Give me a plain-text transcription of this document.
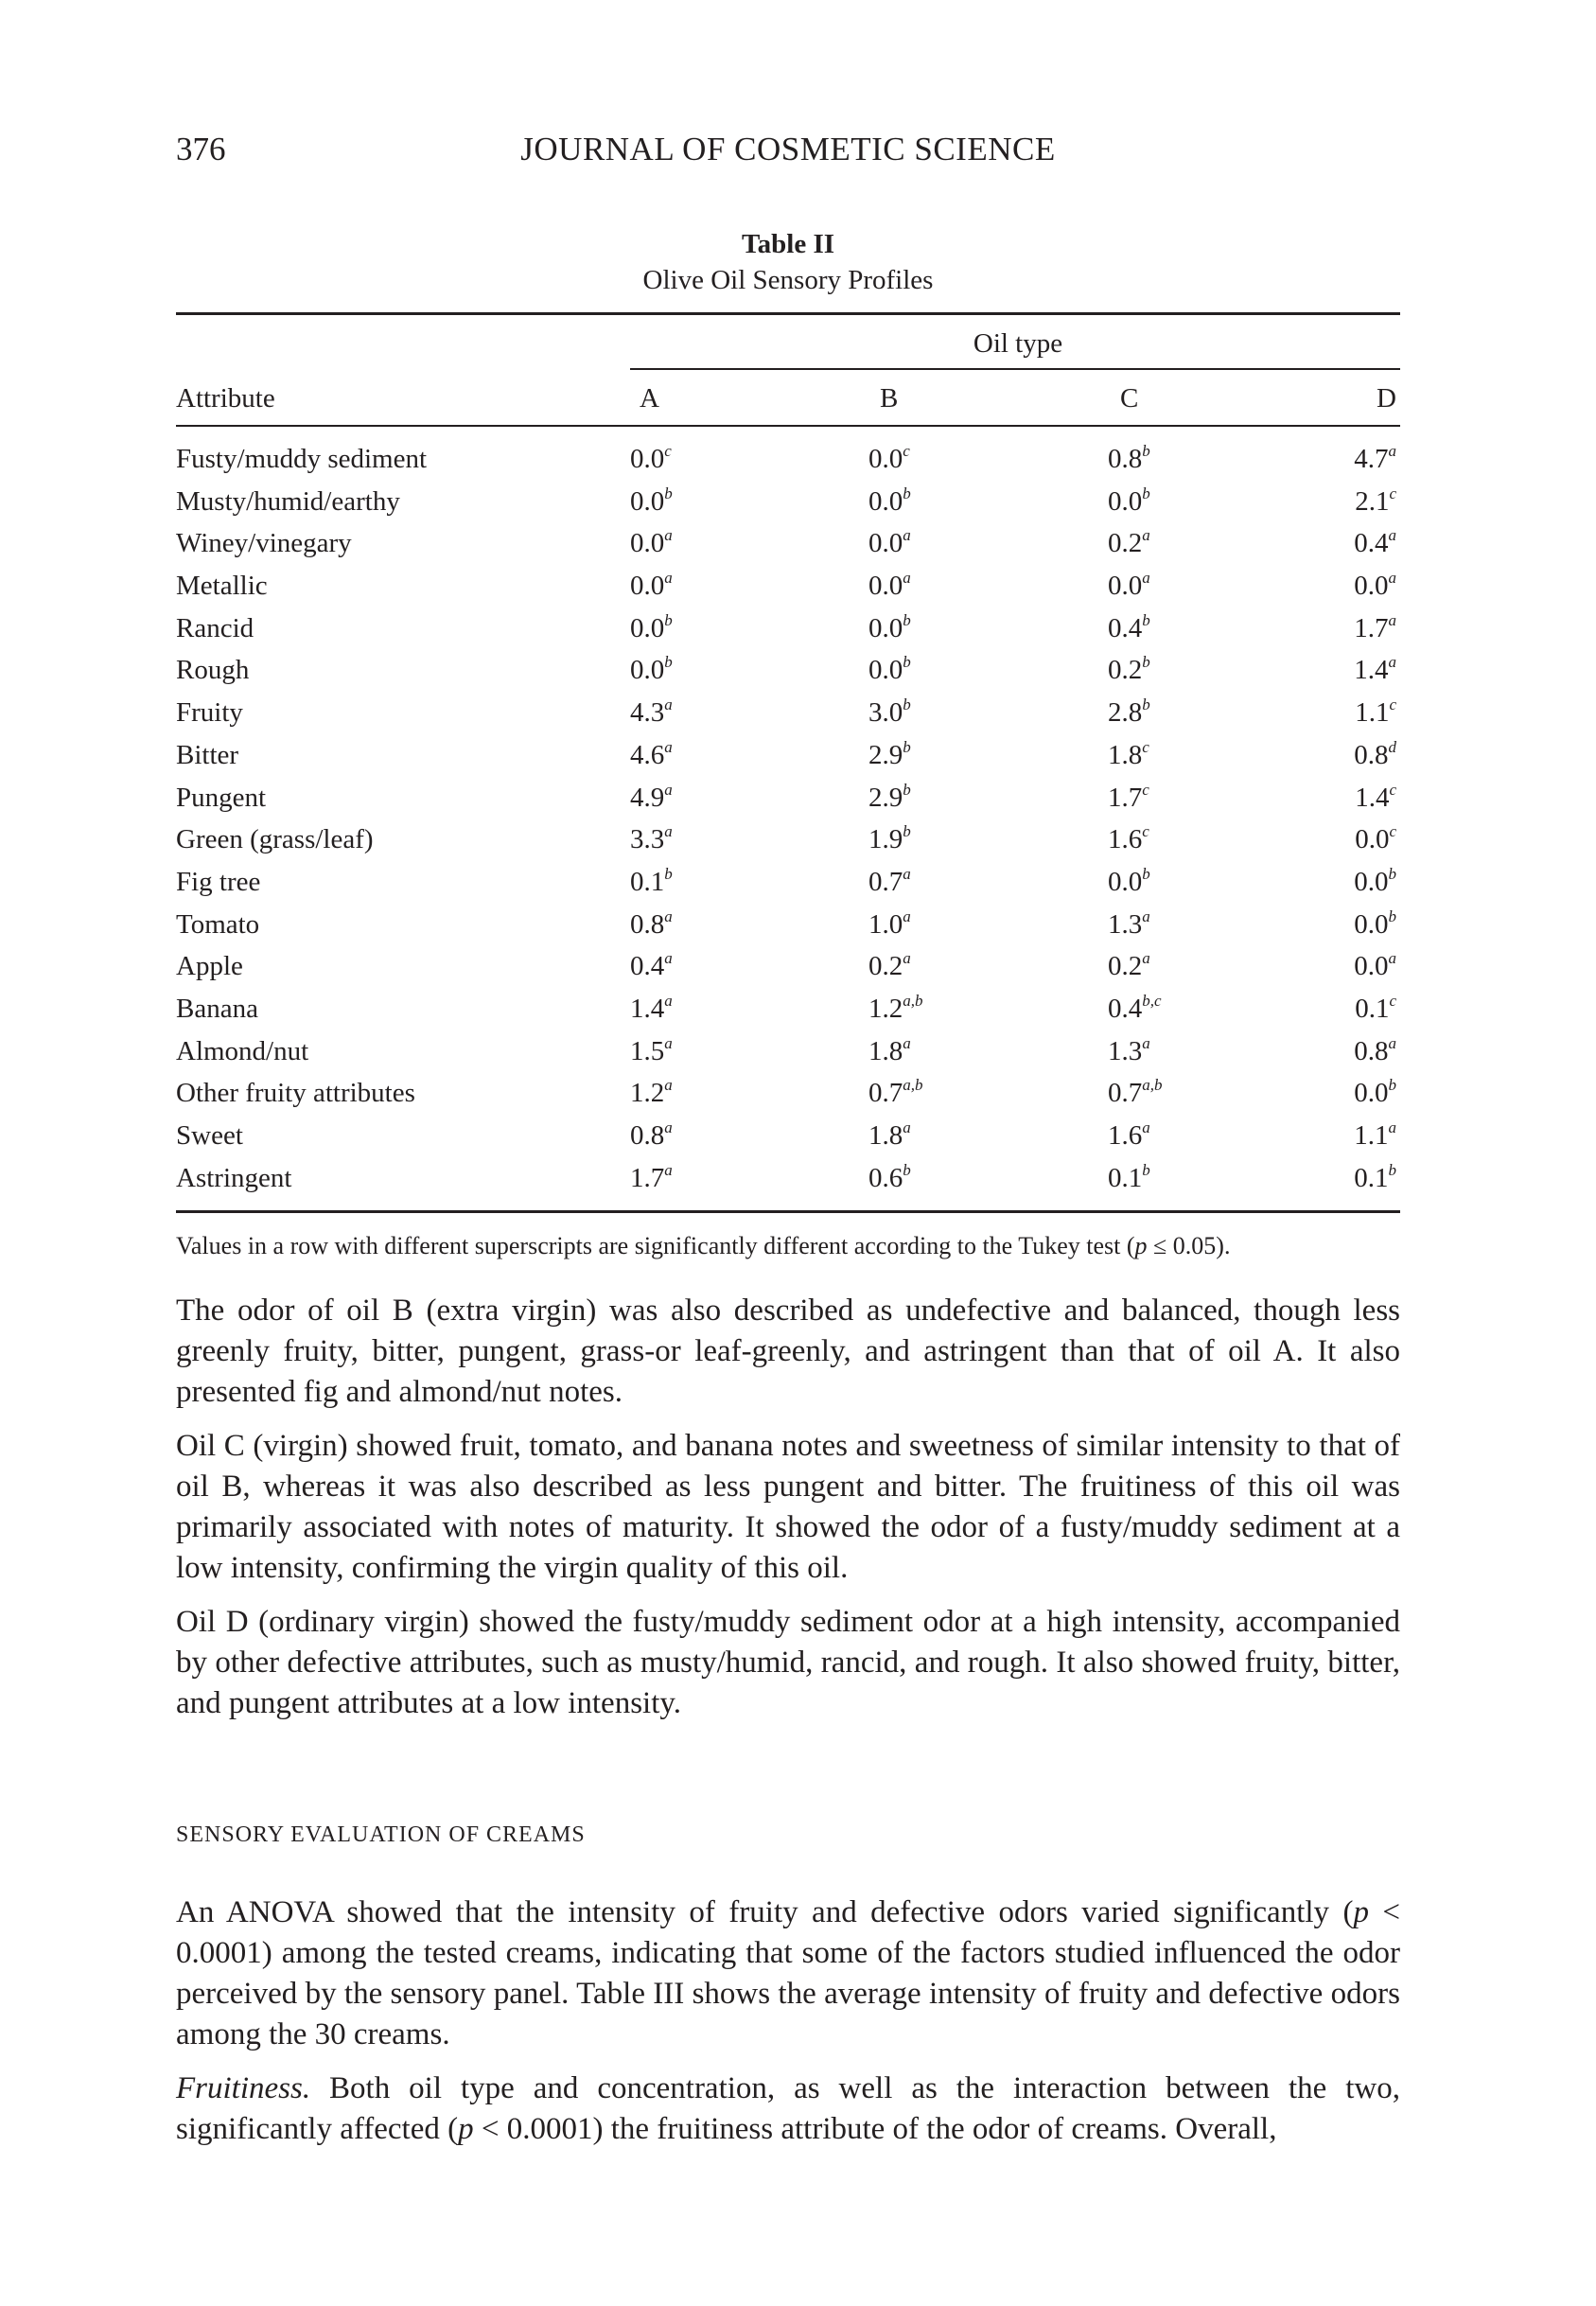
376	JOURNAL OF COSMETIC SCIENCE
Table II
Olive Oil Sensory Profiles
Oil type
Attribute	A	B	C	D
Fusty/muddy sediment	0.0$^c$	0.0$^c$	0.8$^b$	4.7$^a$
Musty/humid/earthy	0.0$^b$	0.0$^b$	0.0$^b$	2.1$^c$
Winey/vinegary	0.0$^a$	0.0$^a$	0.2$^a$	0.4$^a$
Metallic	0.0$^a$	0.0$^a$	0.0$^a$	0.0$^a$
Rancid	0.0$^b$	0.0$^b$	0.4$^b$	1.7$^a$
Rough	0.0$^b$	0.0$^b$	0.2$^b$	1.4$^a$
Fruity	4.3$^a$	3.0$^b$	2.8$^b$	1.1$^c$
Bitter	4.6$^a$	2.9$^b$	1.8$^c$	0.8$^d$
Pungent	4.9$^a$	2.9$^b$	1.7$^c$	1.4$^c$
Green (grass/leaf)	3.3$^a$	1.9$^b$	1.6$^c$	0.0$^c$
Fig tree	0.1$^b$	0.7$^a$	0.0$^b$	0.0$^b$
Tomato	0.8$^a$	1.0$^a$	1.3$^a$	0.0$^b$
Apple	0.4$^a$	0.2$^a$	0.2$^a$	0.0$^a$
Banana	1.4$^a$	1.2$^{a,b}$	0.4$^{b,c}$	0.1$^c$
Almond/nut	1.5$^a$	1.8$^a$	1.3$^a$	0.8$^a$
Other fruity attributes	1.2$^a$	0.7$^{a,b}$	0.7$^{a,b}$	0.0$^b$
Sweet	0.8$^a$	1.8$^a$	1.6$^a$	1.1$^a$
Astringent	1.7$^a$	0.6$^b$	0.1$^b$	0.1$^b$
Values in a row with different superscripts are significantly different according to the Tukey test (p ≤ 0.05).

The odor of oil B (extra virgin) was also described as undefective and balanced, though less greenly fruity, bitter, pungent, grass-or leaf-greenly, and astringent than that of oil A. It also presented fig and almond/nut notes.

Oil C (virgin) showed fruit, tomato, and banana notes and sweetness of similar intensity to that of oil B, whereas it was also described as less pungent and bitter. The fruitiness of this oil was primarily associated with notes of maturity. It showed the odor of a fusty/muddy sediment at a low intensity, confirming the virgin quality of this oil.

Oil D (ordinary virgin) showed the fusty/muddy sediment odor at a high intensity, accompanied by other defective attributes, such as musty/humid, rancid, and rough. It also showed fruity, bitter, and pungent attributes at a low intensity.

SENSORY EVALUATION OF CREAMS

An ANOVA showed that the intensity of fruity and defective odors varied significantly (p < 0.0001) among the tested creams, indicating that some of the factors studied influenced the odor perceived by the sensory panel. Table III shows the average intensity of fruity and defective odors among the 30 creams.

Fruitiness. Both oil type and concentration, as well as the interaction between the two, significantly affected (p < 0.0001) the fruitiness attribute of the odor of creams. Overall,
